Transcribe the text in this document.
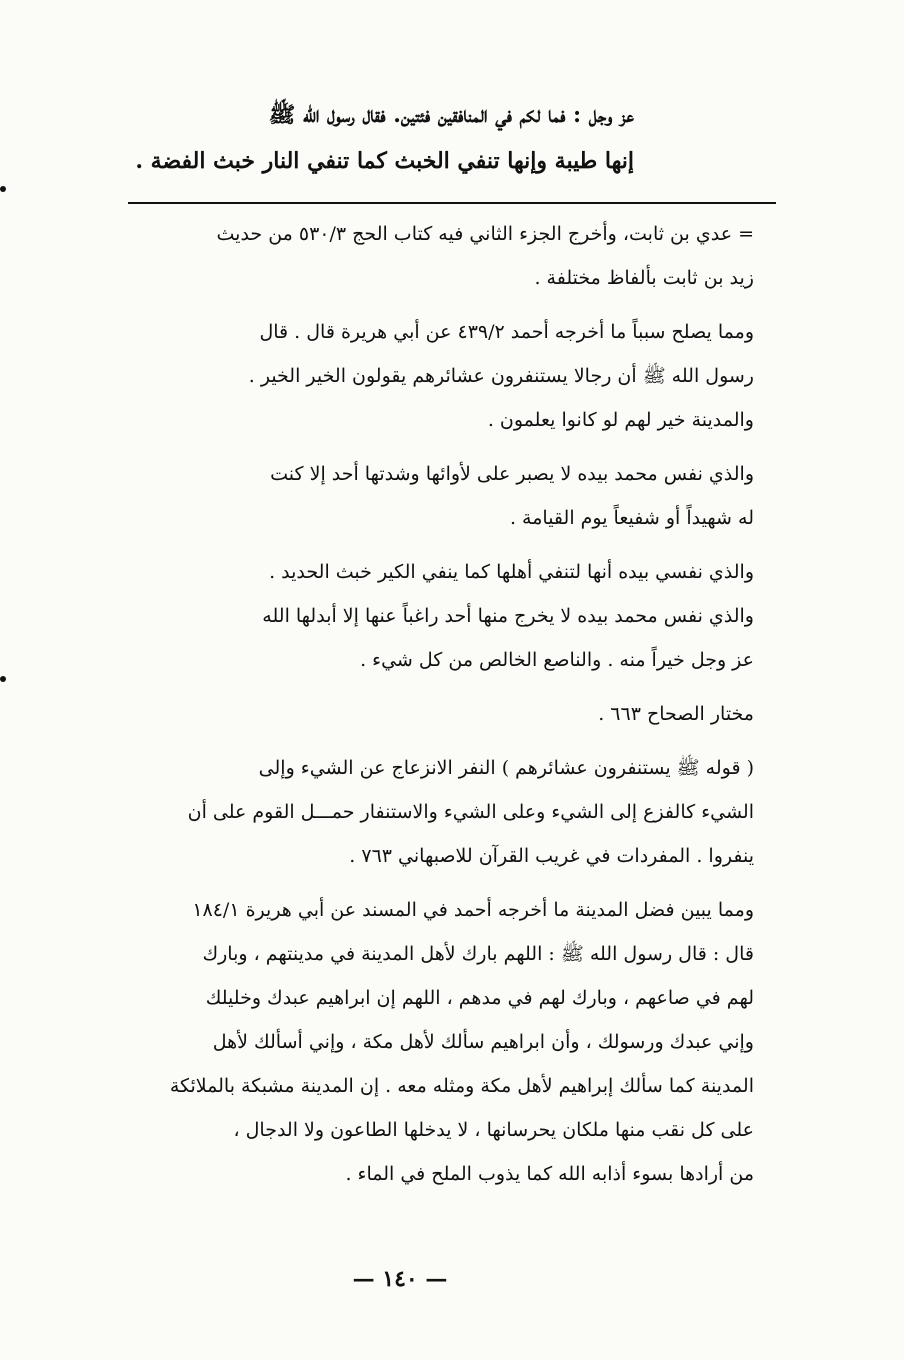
عز وجل : فما لكم في المنافقين فئتين. فقال رسول الله ﷺ

إنها طيبة وإنها تنفي الخبث كما تنفي النار خبث الفضة .

= عدي بن ثابت، وأخرج الجزء الثاني فيه كتاب الحج ٥٣٠/٣ من حديث

زيد بن ثابت بألفاظ مختلفة .

ومما يصلح سبباً ما أخرجه أحمد ٤٣٩/٢ عن أبي هريرة قال . قال

رسول الله ﷺ أن رجالا يستنفرون عشائرهم يقولون الخير الخير .

والمدينة خير لهم لو كانوا يعلمون .

والذي نفس محمد بيده لا يصبر على لأوائها وشدتها أحد إلا كنت

له شهيداً أو شفيعاً يوم القيامة .

والذي نفسي بيده أنها لتنفي أهلها كما ينفي الكير خبث الحديد .

والذي نفس محمد بيده لا يخرج منها أحد راغباً عنها إلا أبدلها الله

عز وجل خيراً منه . والناصع الخالص من كل شيء .

مختار الصحاح ٦٦٣ .

( قوله ﷺ يستنفرون عشائرهم ) النفر الانزعاج عن الشيء وإلى

الشيء كالفزع إلى الشيء وعلى الشيء والاستنفار حمـــل القوم على أن

ينفروا . المفردات في غريب القرآن للاصبهاني ٧٦٣ .

ومما يبين فضل المدينة ما أخرجه أحمد في المسند عن أبي هريرة ١٨٤/١

قال : قال رسول الله ﷺ : اللهم بارك لأهل المدينة في مدينتهم ، وبارك

لهم في صاعهم ، وبارك لهم في مدهم ، اللهم إن ابراهيم عبدك وخليلك

وإني عبدك ورسولك ، وأن ابراهيم سألك لأهل مكة ، وإني أسألك لأهل

المدينة كما سألك إبراهيم لأهل مكة ومثله معه . إن المدينة مشبكة بالملائكة

على كل نقب منها ملكان يحرسانها ، لا يدخلها الطاعون ولا الدجال ،

من أرادها بسوء أذابه الله كما يذوب الملح في الماء .

— ١٤٠ —
